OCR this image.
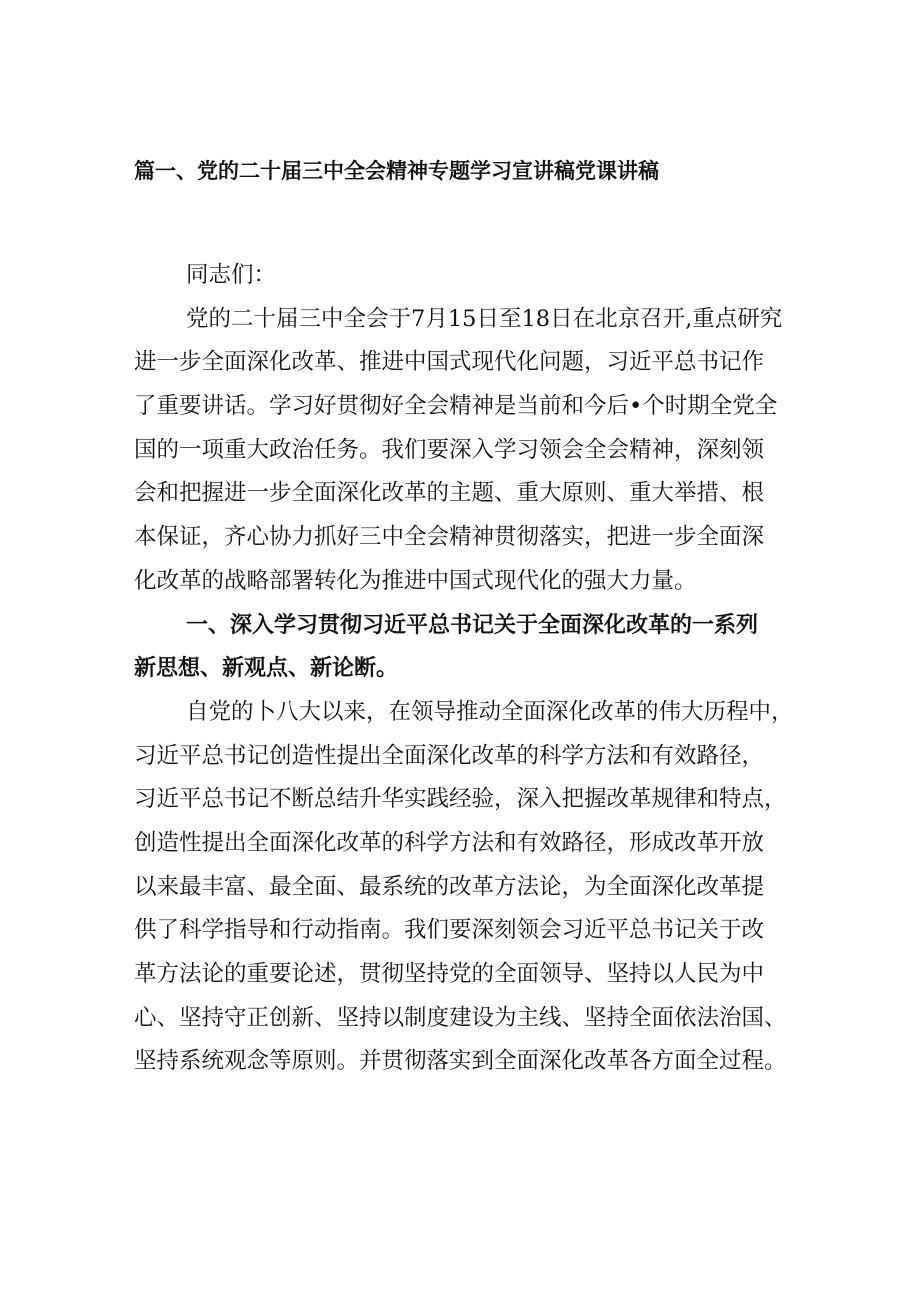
篇一、党的二十届三中全会精神专题学习宣讲稿党课讲稿
同志们：
党的二十届三中全会于7月15日至18日在北京召开,重点研究
进一步全面深化改革、推进中国式现代化问题，习近平总书记作
了重要讲话。学习好贯彻好全会精神是当前和今后•个时期全党全
国的一项重大政治任务。我们要深入学习领会全会精神，深刻领
会和把握进一步全面深化改革的主题、重大原则、重大举措、根
本保证，齐心协力抓好三中全会精神贯彻落实，把进一步全面深
化改革的战略部署转化为推进中国式现代化的强大力量。
一、深入学习贯彻习近平总书记关于全面深化改革的一系列
新思想、新观点、新论断。
自党的卜八大以来，在领导推动全面深化改革的伟大历程中，
习近平总书记创造性提出全面深化改革的科学方法和有效路径，
习近平总书记不断总结升华实践经验，深入把握改革规律和特点，
创造性提出全面深化改革的科学方法和有效路径，形成改革开放
以来最丰富、最全面、最系统的改革方法论，为全面深化改革提
供了科学指导和行动指南。我们要深刻领会习近平总书记关于改
革方法论的重要论述，贯彻坚持党的全面领导、坚持以人民为中
心、坚持守正创新、坚持以制度建设为主线、坚持全面依法治国、
坚持系统观念等原则。并贯彻落实到全面深化改革各方面全过程。
